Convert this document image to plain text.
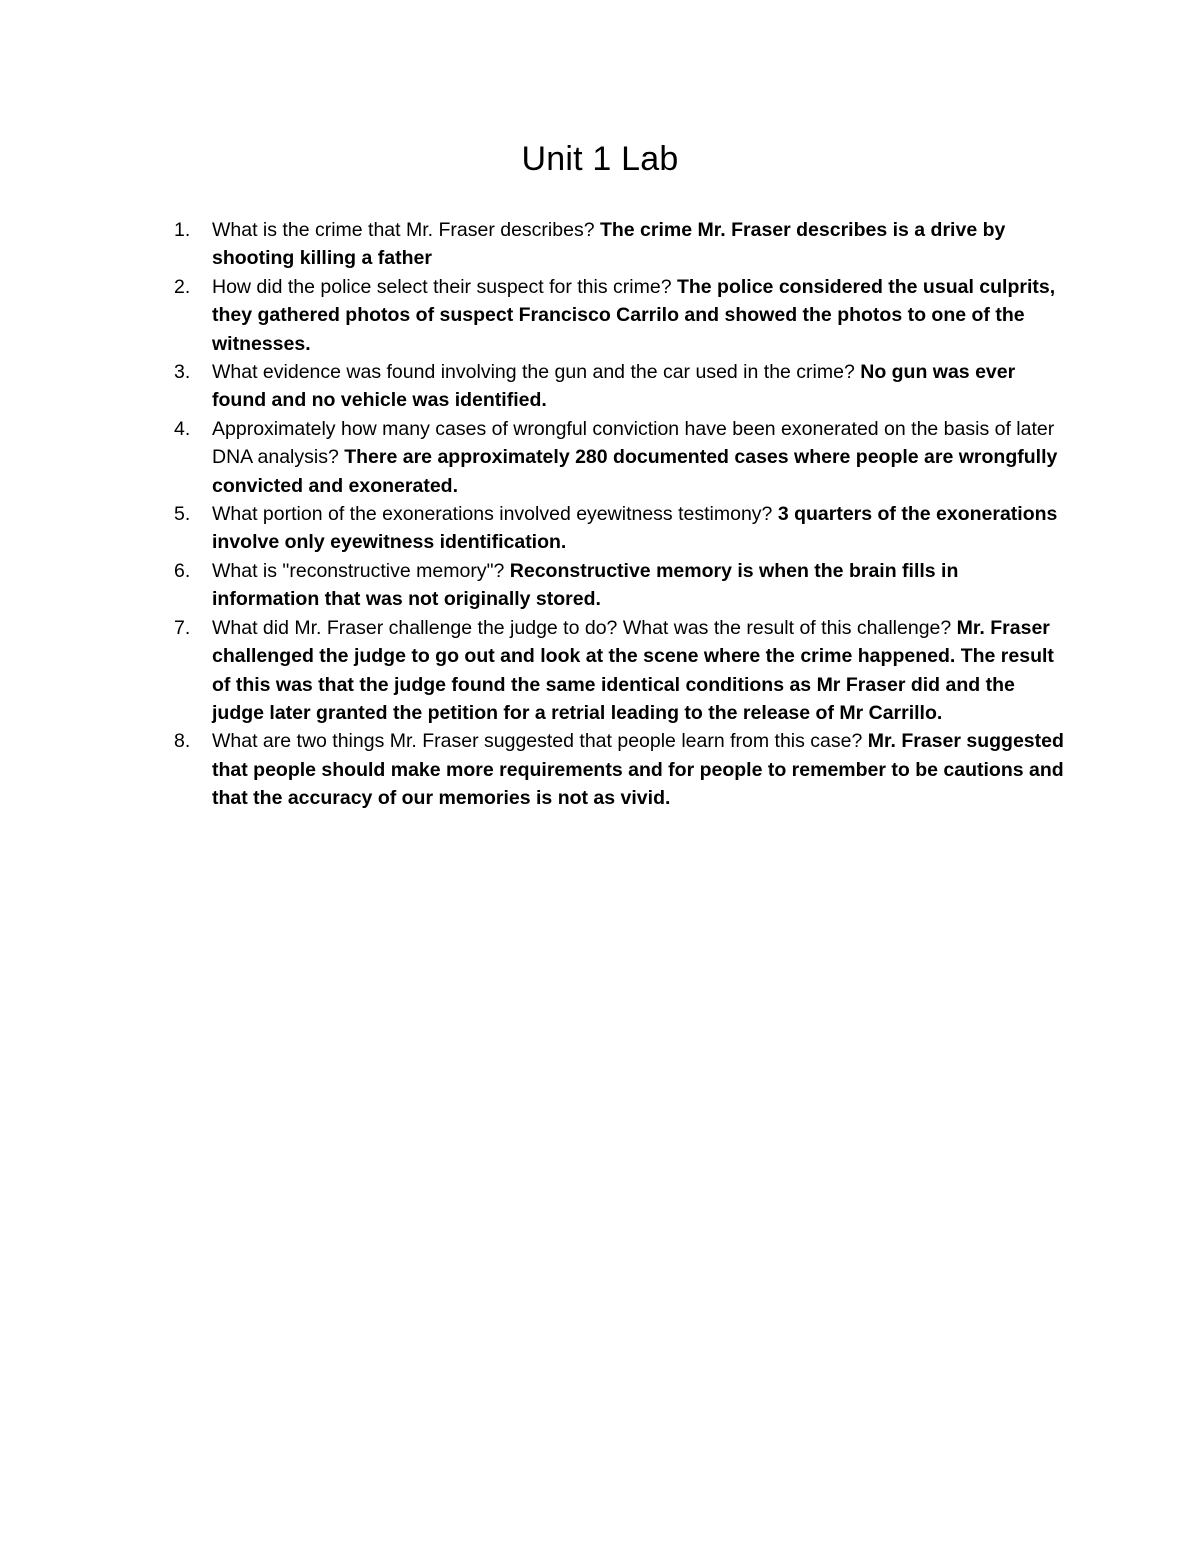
Unit 1 Lab
1. What is the crime that Mr. Fraser describes? The crime Mr. Fraser describes is a drive by shooting killing a father
2. How did the police select their suspect for this crime? The police considered the usual culprits, they gathered photos of suspect Francisco Carrilo and showed the photos to one of the witnesses.
3. What evidence was found involving the gun and the car used in the crime? No gun was ever found and no vehicle was identified.
4. Approximately how many cases of wrongful conviction have been exonerated on the basis of later DNA analysis? There are approximately 280 documented cases where people are wrongfully convicted and exonerated.
5. What portion of the exonerations involved eyewitness testimony? 3 quarters of the exonerations involve only eyewitness identification.
6. What is "reconstructive memory"? Reconstructive memory is when the brain fills in information that was not originally stored.
7. What did Mr. Fraser challenge the judge to do? What was the result of this challenge? Mr. Fraser challenged the judge to go out and look at the scene where the crime happened. The result of this was that the judge found the same identical conditions as Mr Fraser did and the judge later granted the petition for a retrial leading to the release of Mr Carrillo.
8. What are two things Mr. Fraser suggested that people learn from this case? Mr. Fraser suggested that people should make more requirements and for people to remember to be cautions and that the accuracy of our memories is not as vivid.
